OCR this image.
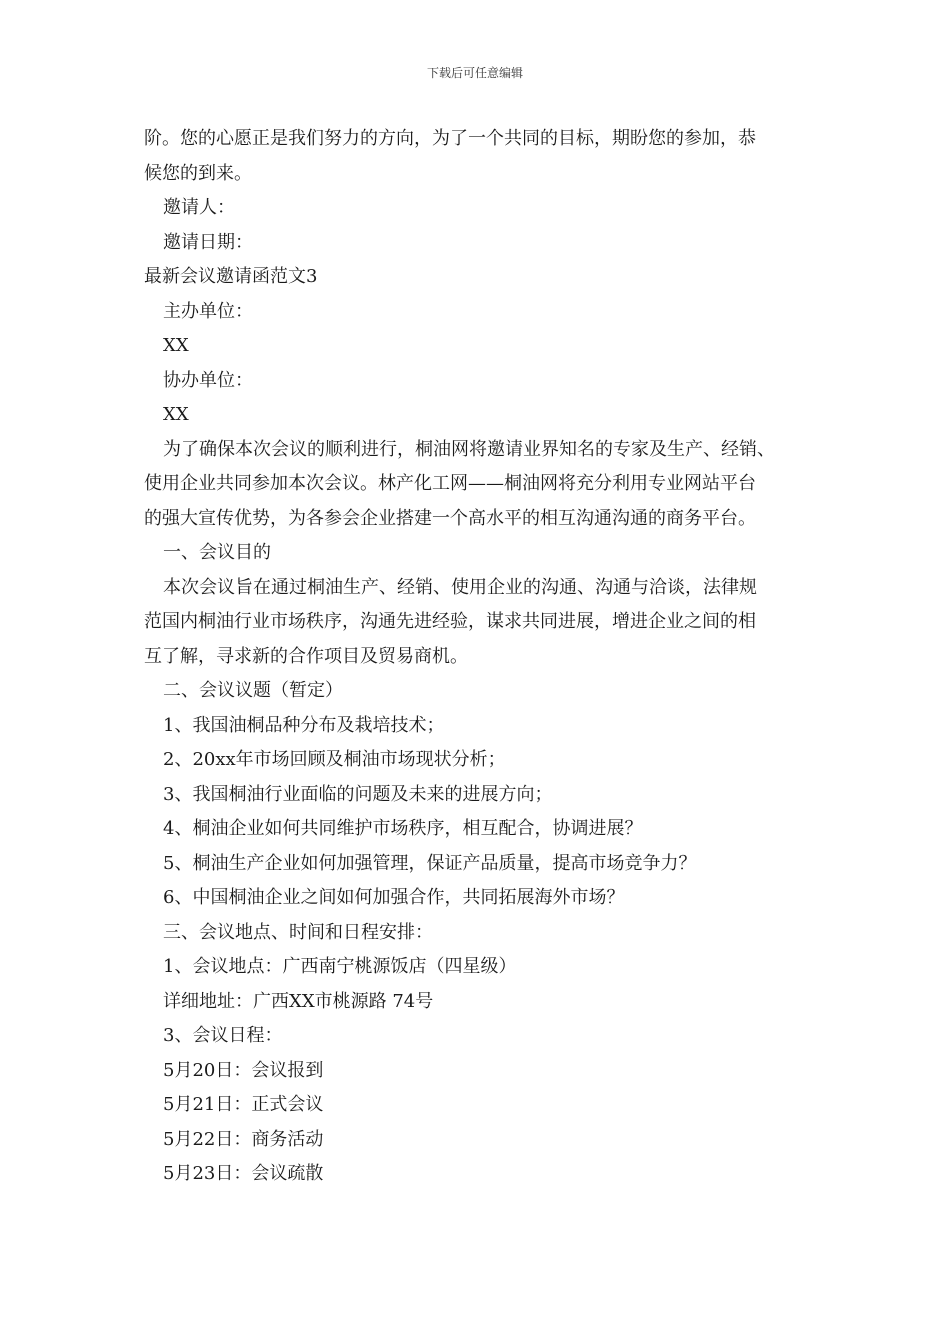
下载后可任意编辑
阶。您的心愿正是我们努力的方向，为了一个共同的目标，期盼您的参加，恭
候您的到来。
邀请人：
邀请日期：
最新会议邀请函范文3
主办单位：
XX
协办单位：
XX
为了确保本次会议的顺利进行，桐油网将邀请业界知名的专家及生产、经销、
使用企业共同参加本次会议。林产化工网——桐油网将充分利用专业网站平台
的强大宣传优势，为各参会企业搭建一个高水平的相互沟通沟通的商务平台。
一、会议目的
本次会议旨在通过桐油生产、经销、使用企业的沟通、沟通与洽谈，法律规
范国内桐油行业市场秩序，沟通先进经验，谋求共同进展，增进企业之间的相
互了解，寻求新的合作项目及贸易商机。
二、会议议题（暂定）
1、我国油桐品种分布及栽培技术；
2、20xx年市场回顾及桐油市场现状分析；
3、我国桐油行业面临的问题及未来的进展方向；
4、桐油企业如何共同维护市场秩序，相互配合，协调进展？
5、桐油生产企业如何加强管理，保证产品质量，提高市场竞争力？
6、中国桐油企业之间如何加强合作，共同拓展海外市场？
三、会议地点、时间和日程安排：
1、会议地点：广西南宁桃源饭店（四星级）
详细地址：广西XX市桃源路 74号
3、会议日程：
5月20日：会议报到
5月21日：正式会议
5月22日：商务活动
5月23日：会议疏散
